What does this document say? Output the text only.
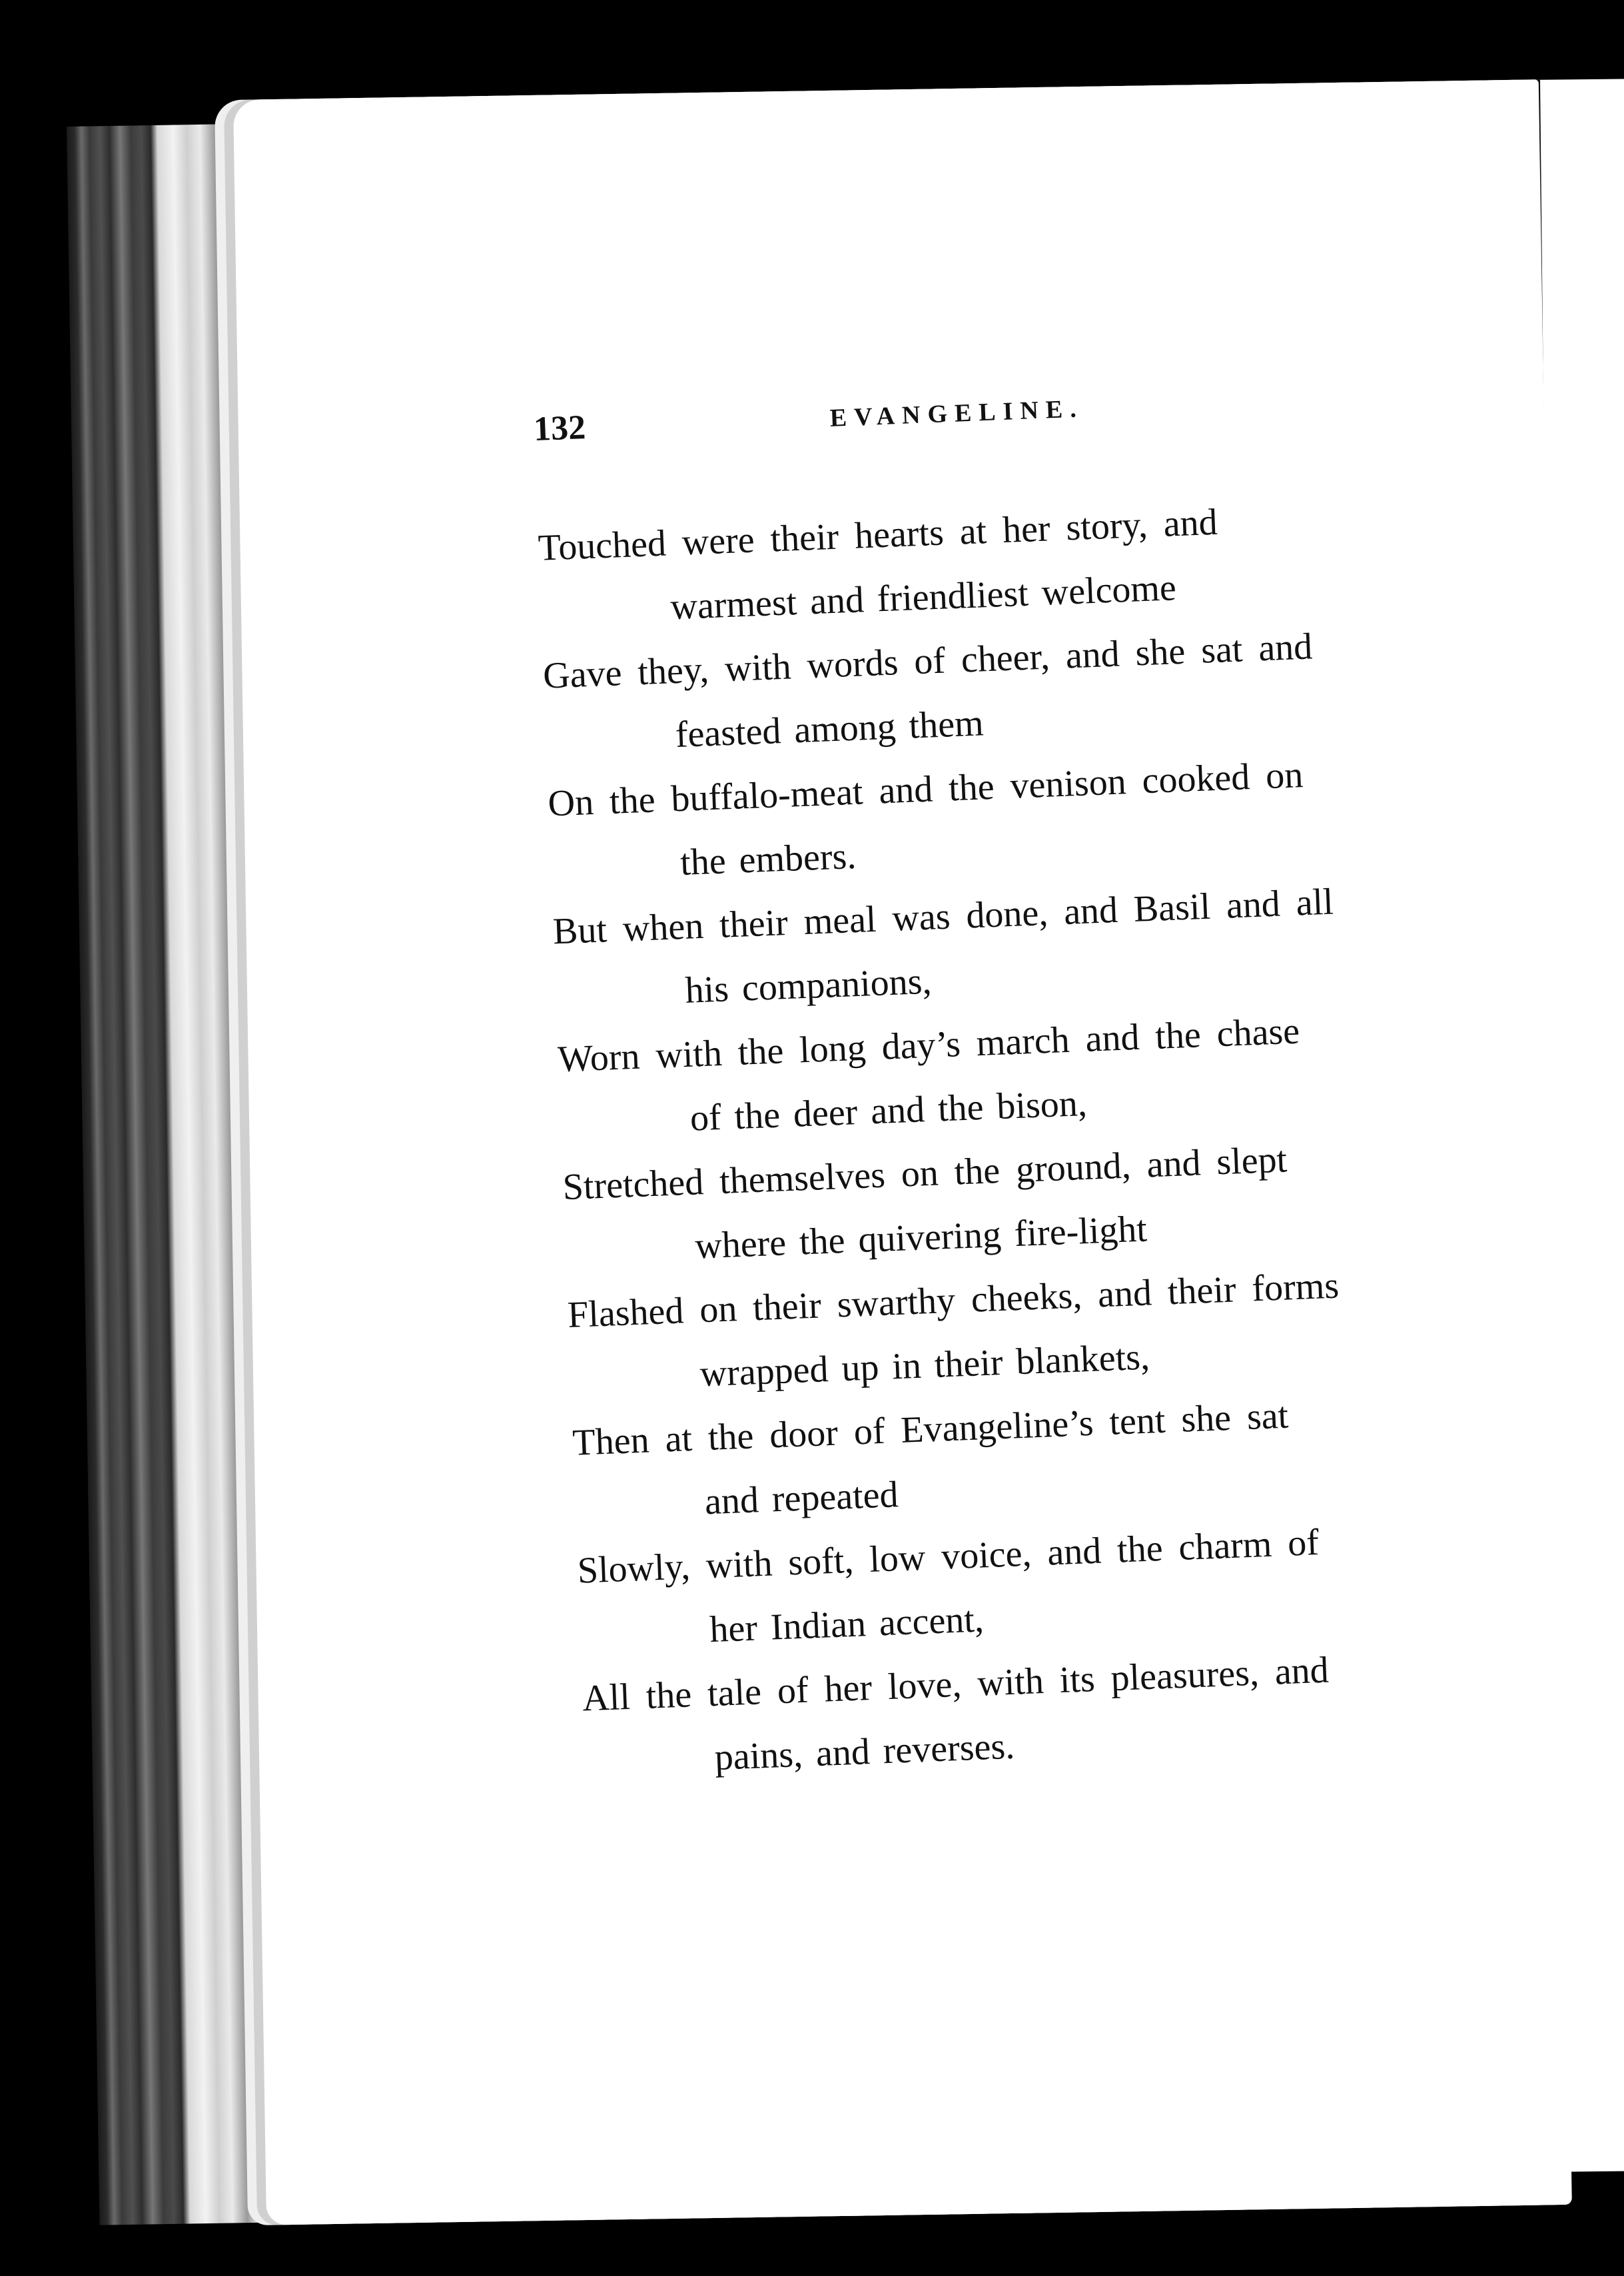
132	EVANGELINE.

Touched were their hearts at her story, and
warmest and friendliest welcome

Gave they, with words of cheer, and she sat and
feasted among them

On the buffalo-meat and the venison cooked on
the embers.

But when their meal was done, and Basil and all
his companions,

Worn with the long day’s march and the chase
of the deer and the bison,

Stretched themselves on the ground, and slept
where the quivering fire-light

Flashed on their swarthy cheeks, and their forms
wrapped up in their blankets,

Then at the door of Evangeline’s tent she sat
and repeated

Slowly, with soft, low voice, and the charm of
her Indian accent,

All the tale of her love, with its pleasures, and
pains, and reverses.
